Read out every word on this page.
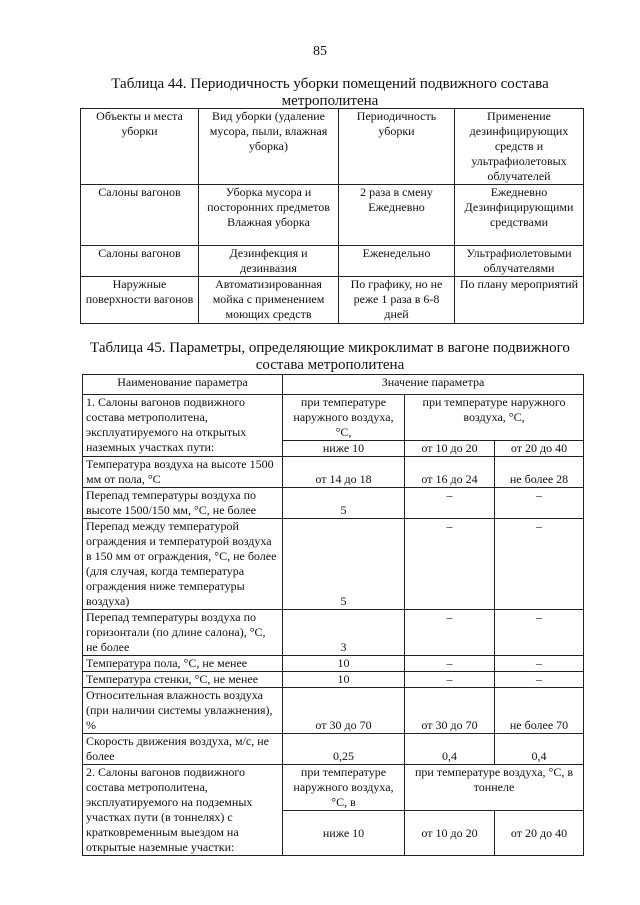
85
Таблица 44. Периодичность уборки помещений подвижного состава
метрополитена
Объекты и места уборки	Вид уборки (удаление мусора, пыли, влажная уборка)	Периодичность уборки	Применение дезинфицирующих средств и ультрафиолетовых облучателей
Салоны вагонов	Уборка мусора и посторонних предметов Влажная уборка	2 раза в смену Ежедневно	Ежедневно Дезинфицирующими средствами
Салоны вагонов	Дезинфекция и дезинвазия	Еженедельно	Ультрафиолетовыми облучателями
Наружные поверхности вагонов	Автоматизированная мойка с применением моющих средств	По графику, но не реже 1 раза в 6-8 дней	По плану мероприятий
Таблица 45. Параметры, определяющие микроклимат в вагоне подвижного
состава метрополитена
Наименование параметра	Значение параметра		
1. Салоны вагонов подвижного состава метрополитена, эксплуатируемого на открытых наземных участках пути:	при температуре наружного воздуха, °С,	при температуре наружного воздуха, °С,	
	ниже 10	от 10 до 20	от 20 до 40
Температура воздуха на высоте 1500 мм от пола, °С	от 14 до 18	от 16 до 24	не более 28
Перепад температуры воздуха по высоте 1500/150 мм, °С, не более	5	–	–
Перепад между температурой ограждения и температурой воздуха в 150 мм от ограждения, °С, не более (для случая, когда температура ограждения ниже температуры воздуха)	5	–	–
Перепад температуры воздуха по горизонтали (по длине салона), °С, не более	3	–	–
Температура пола, °С, не менее	10	–	–
Температура стенки, °С, не менее	10	–	–
Относительная влажность воздуха (при наличии системы увлажнения), %	от 30 до 70	от 30 до 70	не более 70
Скорость движения воздуха, м/с, не более	0,25	0,4	0,4
2. Салоны вагонов подвижного состава метрополитена, эксплуатируемого на подземных участках пути (в тоннелях) с кратковременным выездом на открытые наземные участки:	при температуре наружного воздуха, °С, в	при температуре воздуха, °С, в тоннеле	
	ниже 10	от 10 до 20	от 20 до 40
